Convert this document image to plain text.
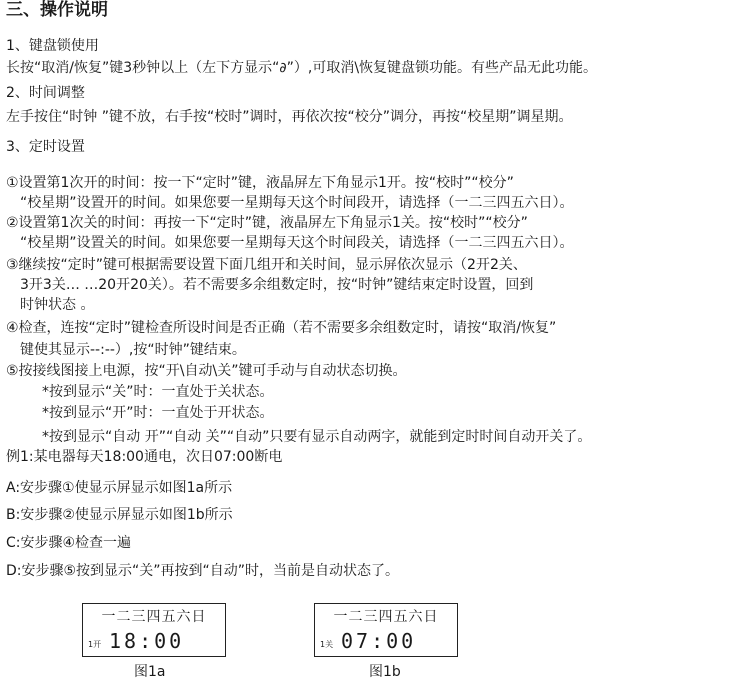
三、操作说明
1、键盘锁使用
长按“取消/恢复”键3秒钟以上（左下方显示“∂”）,可取消\恢复键盘锁功能。有些产品无此功能。
2、时间调整
左手按住“时钟 ”键不放，右手按“校时”调时，再依次按“校分”调分，再按“校星期”调星期。
3、定时设置
①设置第1次开的时间：按一下“定时”键，液晶屏左下角显示1开。按“校时”“校分”
“校星期”设置开的时间。如果您要一星期每天这个时间段开，请选择（一二三四五六日）。
②设置第1次关的时间：再按一下“定时”键，液晶屏左下角显示1关。按“校时”“校分”
“校星期”设置关的时间。如果您要一星期每天这个时间段关，请选择（一二三四五六日）。
③继续按“定时”键可根据需要设置下面几组开和关时间，显示屏依次显示（2开2关、
3开3关… …20开20关）。若不需要多余组数定时，按“时钟”键结束定时设置，回到
时钟状态 。
④检查，连按“定时”键检查所设时间是否正确（若不需要多余组数定时，请按“取消/恢复”
键使其显示--:--）,按“时钟”键结束。
⑤按接线图接上电源，按“开\自动\关”键可手动与自动状态切换。
*按到显示“关”时：一直处于关状态。
*按到显示“开”时：一直处于开状态。
*按到显示“自动 开”“自动 关”“自动”只要有显示自动两字，就能到定时时间自动开关了。
例1:某电器每天18:00通电，次日07:00断电
A:安步骤①使显示屏显示如图1a所示
B:安步骤②使显示屏显示如图1b所示
C:安步骤④检查一遍
D:安步骤⑤按到显示“关”再按到“自动”时，当前是自动状态了。
一二三四五六日
1开 18:00
图1a
一二三四五六日
1关 07:00
图1b
